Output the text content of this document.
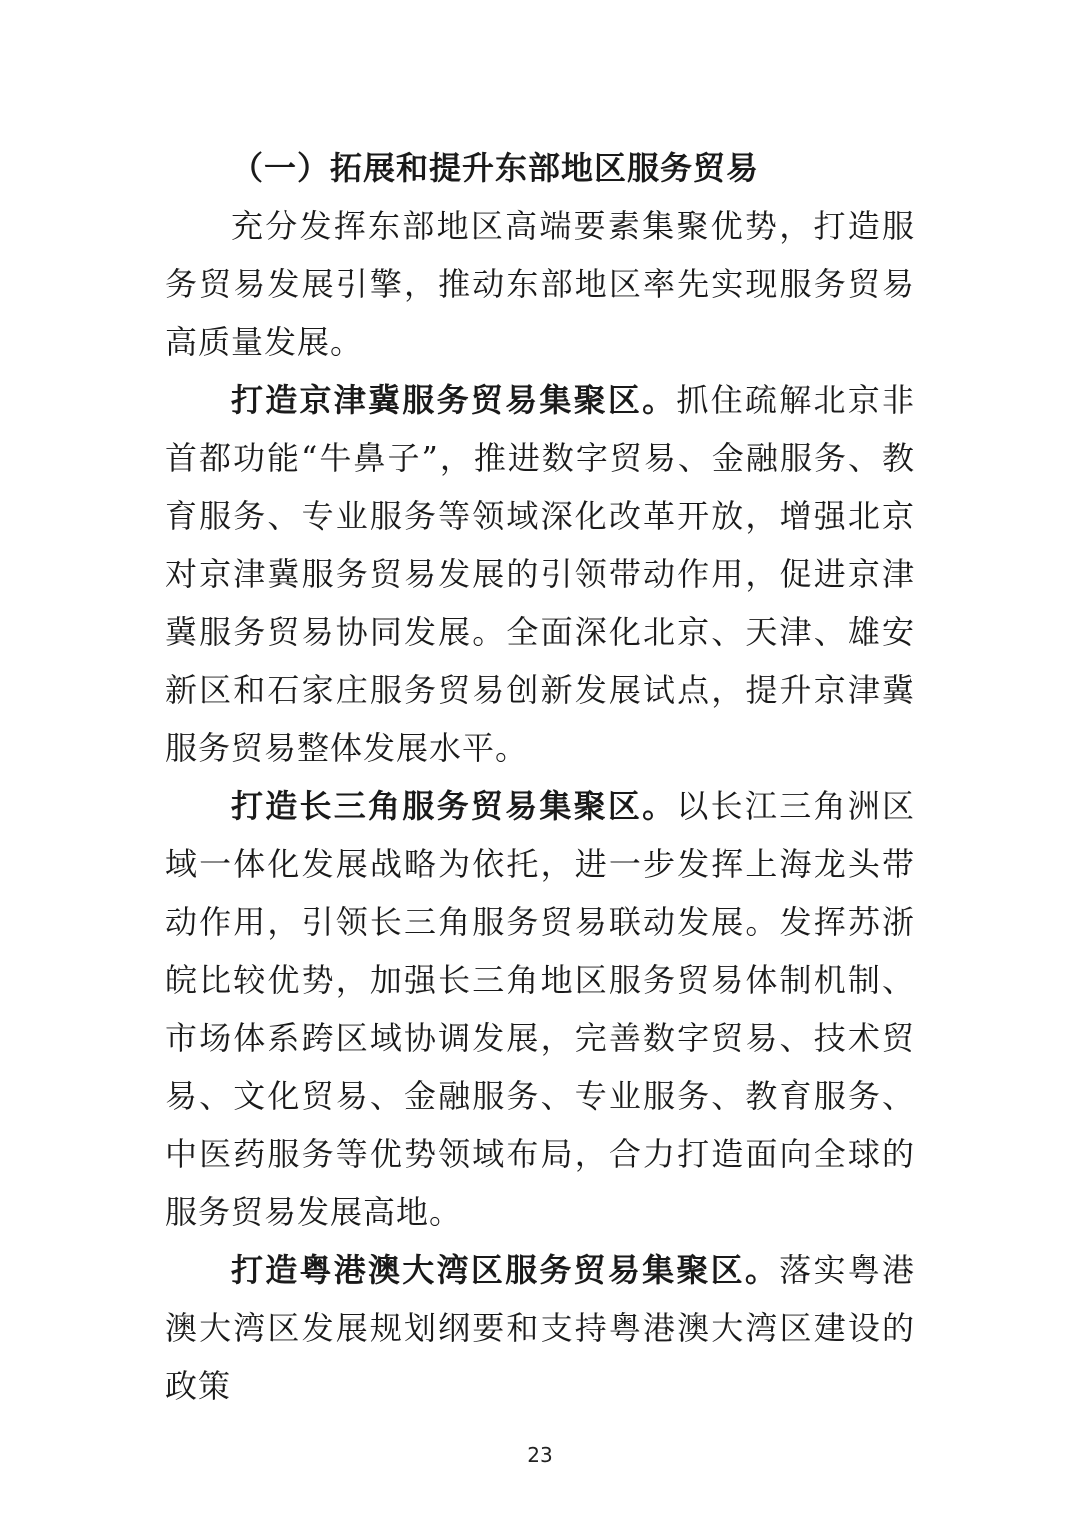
（一）拓展和提升东部地区服务贸易

充分发挥东部地区高端要素集聚优势，打造服务贸易发展引擎，推动东部地区率先实现服务贸易高质量发展。

打造京津冀服务贸易集聚区。抓住疏解北京非首都功能“牛鼻子”，推进数字贸易、金融服务、教育服务、专业服务等领域深化改革开放，增强北京对京津冀服务贸易发展的引领带动作用，促进京津冀服务贸易协同发展。全面深化北京、天津、雄安新区和石家庄服务贸易创新发展试点，提升京津冀服务贸易整体发展水平。

打造长三角服务贸易集聚区。以长江三角洲区域一体化发展战略为依托，进一步发挥上海龙头带动作用，引领长三角服务贸易联动发展。发挥苏浙皖比较优势，加强长三角地区服务贸易体制机制、市场体系跨区域协调发展，完善数字贸易、技术贸易、文化贸易、金融服务、专业服务、教育服务、中医药服务等优势领域布局，合力打造面向全球的服务贸易发展高地。

打造粤港澳大湾区服务贸易集聚区。落实粤港澳大湾区发展规划纲要和支持粤港澳大湾区建设的政策

23
